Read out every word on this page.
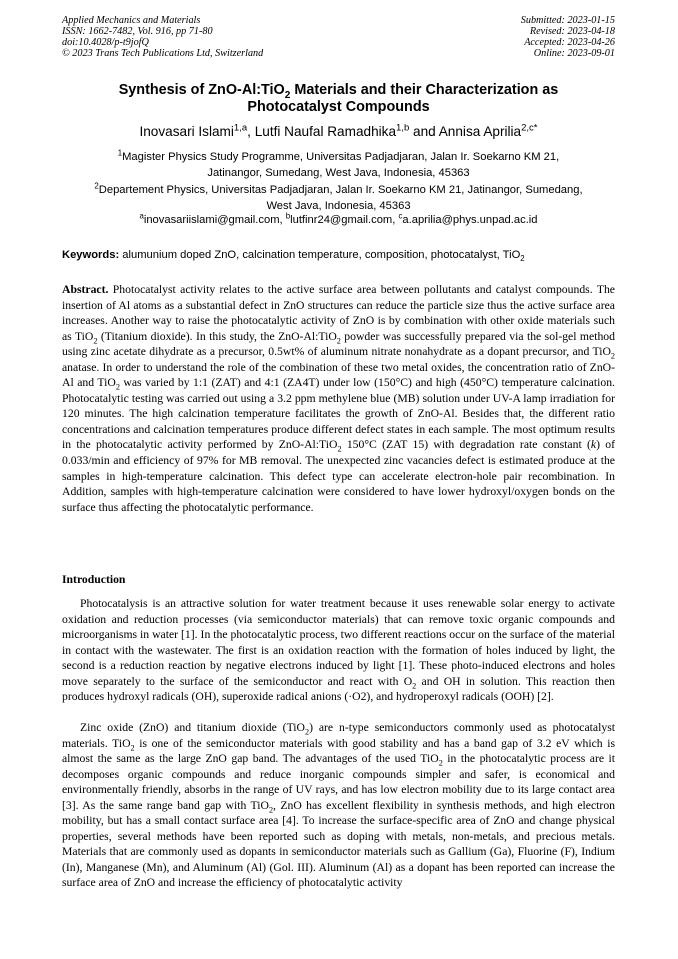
Applied Mechanics and Materials
ISSN: 1662-7482, Vol. 916, pp 71-80
doi:10.4028/p-t9jofQ
© 2023 Trans Tech Publications Ltd, Switzerland
Submitted: 2023-01-15
Revised: 2023-04-18
Accepted: 2023-04-26
Online: 2023-09-01
Synthesis of ZnO-Al:TiO$_2$ Materials and their Characterization as
Photocatalyst Compounds
Inovasari Islami$^{1,a}$, Lutfi Naufal Ramadhika$^{1,b}$ and Annisa Aprilia$^{2,c*}$
$^1$Magister Physics Study Programme, Universitas Padjadjaran, Jalan Ir. Soekarno KM 21,
Jatinangor, Sumedang, West Java, Indonesia, 45363
$^2$Departement Physics, Universitas Padjadjaran, Jalan Ir. Soekarno KM 21, Jatinangor, Sumedang,
West Java, Indonesia, 45363
$^a$inovasariislami@gmail.com, $^b$lutfinr24@gmail.com, $^c$a.aprilia@phys.unpad.ac.id
Keywords: alumunium doped ZnO, calcination temperature, composition, photocatalyst, TiO$_2$

Abstract. Photocatalyst activity relates to the active surface area between pollutants and catalyst compounds. The insertion of Al atoms as a substantial defect in ZnO structures can reduce the particle size thus the active surface area increases. Another way to raise the photocatalytic activity of ZnO is by combination with other oxide materials such as TiO$_2$ (Titanium dioxide). In this study, the ZnO-Al:TiO$_2$ powder was successfully prepared via the sol-gel method using zinc acetate dihydrate as a precursor, 0.5wt% of aluminum nitrate nonahydrate as a dopant precursor, and TiO$_2$ anatase. In order to understand the role of the combination of these two metal oxides, the concentration ratio of ZnO-Al and TiO$_2$ was varied by 1:1 (ZAT) and 4:1 (ZA4T) under low (150°C) and high (450°C) temperature calcination. Photocatalytic testing was carried out using a 3.2 ppm methylene blue (MB) solution under UV-A lamp irradiation for 120 minutes. The high calcination temperature facilitates the growth of ZnO-Al. Besides that, the different ratio concentrations and calcination temperatures produce different defect states in each sample. The most optimum results in the photocatalytic activity performed by ZnO-Al:TiO$_2$ 150°C (ZAT 15) with degradation rate constant (k) of 0.033/min and efficiency of 97% for MB removal. The unexpected zinc vacancies defect is estimated produce at the samples in high-temperature calcination. This defect type can accelerate electron-hole pair recombination. In Addition, samples with high-temperature calcination were considered to have lower hydroxyl/oxygen bonds on the surface thus affecting the photocatalytic performance.

Introduction

Photocatalysis is an attractive solution for water treatment because it uses renewable solar energy to activate oxidation and reduction processes (via semiconductor materials) that can remove toxic organic compounds and microorganisms in water [1]. In the photocatalytic process, two different reactions occur on the surface of the material in contact with the wastewater. The first is an oxidation reaction with the formation of holes induced by light, the second is a reduction reaction by negative electrons induced by light [1]. These photo-induced electrons and holes move separately to the surface of the semiconductor and react with $O_2$ and OH in solution. This reaction then produces hydroxyl radicals (OH), superoxide radical anions (·O2), and hydroperoxyl radicals (OOH) [2].

Zinc oxide (ZnO) and titanium dioxide (TiO$_2$) are n-type semiconductors commonly used as photocatalyst materials. TiO$_2$ is one of the semiconductor materials with good stability and has a band gap of 3.2 eV which is almost the same as the large ZnO gap band. The advantages of the used TiO$_2$ in the photocatalytic process are it decomposes organic compounds and reduce inorganic compounds simpler and safer, is economical and environmentally friendly, absorbs in the range of UV rays, and has low electron mobility due to its large contact area [3]. As the same range band gap with TiO$_2$, ZnO has excellent flexibility in synthesis methods, and high electron mobility, but has a small contact surface area [4]. To increase the surface-specific area of ZnO and change physical properties, several methods have been reported such as doping with metals, non-metals, and precious metals. Materials that are commonly used as dopants in semiconductor materials such as Gallium (Ga), Fluorine (F), Indium (In), Manganese (Mn), and Aluminum (Al) (Gol. III). Aluminum (Al) as a dopant has been reported can increase the surface area of ZnO and increase the efficiency of photocatalytic activity
